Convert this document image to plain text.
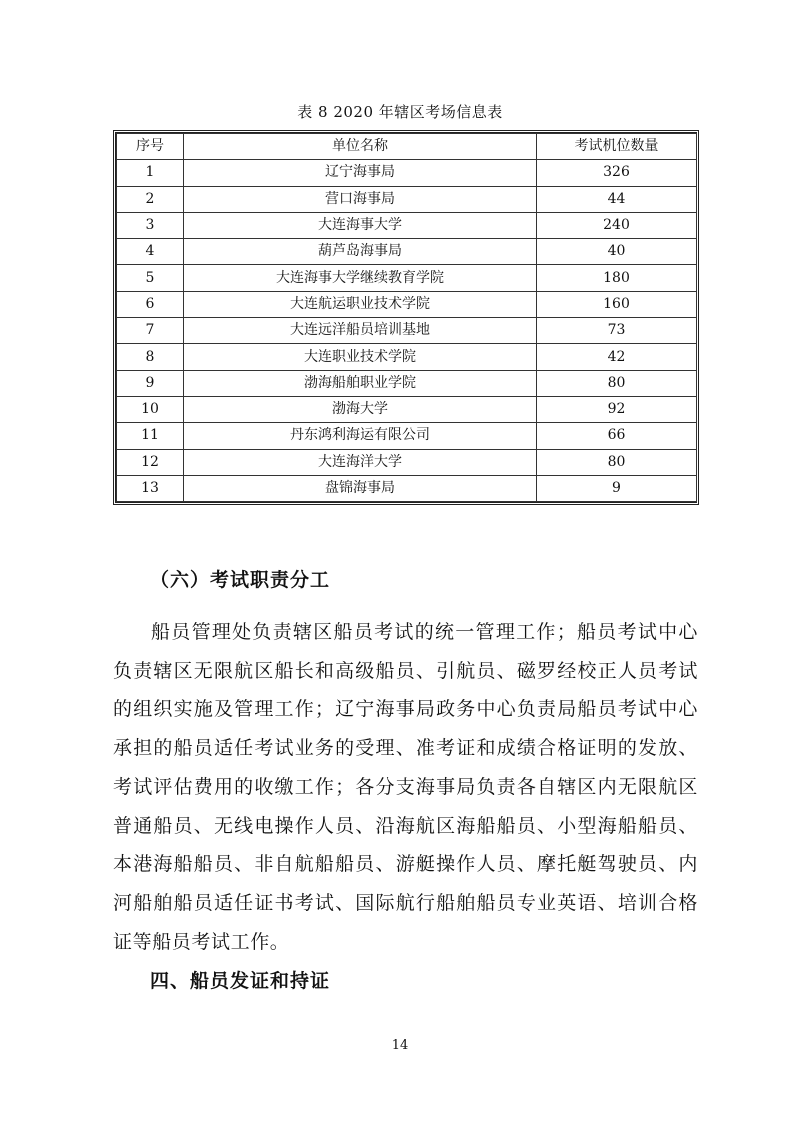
表 8 2020 年辖区考场信息表
序号	单位名称	考试机位数量
1	辽宁海事局	326
2	营口海事局	44
3	大连海事大学	240
4	葫芦岛海事局	40
5	大连海事大学继续教育学院	180
6	大连航运职业技术学院	160
7	大连远洋船员培训基地	73
8	大连职业技术学院	42
9	渤海船舶职业学院	80
10	渤海大学	92
11	丹东鸿利海运有限公司	66
12	大连海洋大学	80
13	盘锦海事局	9
（六）考试职责分工

船员管理处负责辖区船员考试的统一管理工作；船员考试中心负责辖区无限航区船长和高级船员、引航员、磁罗经校正人员考试的组织实施及管理工作；辽宁海事局政务中心负责局船员考试中心承担的船员适任考试业务的受理、准考证和成绩合格证明的发放、考试评估费用的收缴工作；各分支海事局负责各自辖区内无限航区普通船员、无线电操作人员、沿海航区海船船员、小型海船船员、本港海船船员、非自航船船员、游艇操作人员、摩托艇驾驶员、内河船舶船员适任证书考试、国际航行船舶船员专业英语、培训合格证等船员考试工作。

四、船员发证和持证
14
